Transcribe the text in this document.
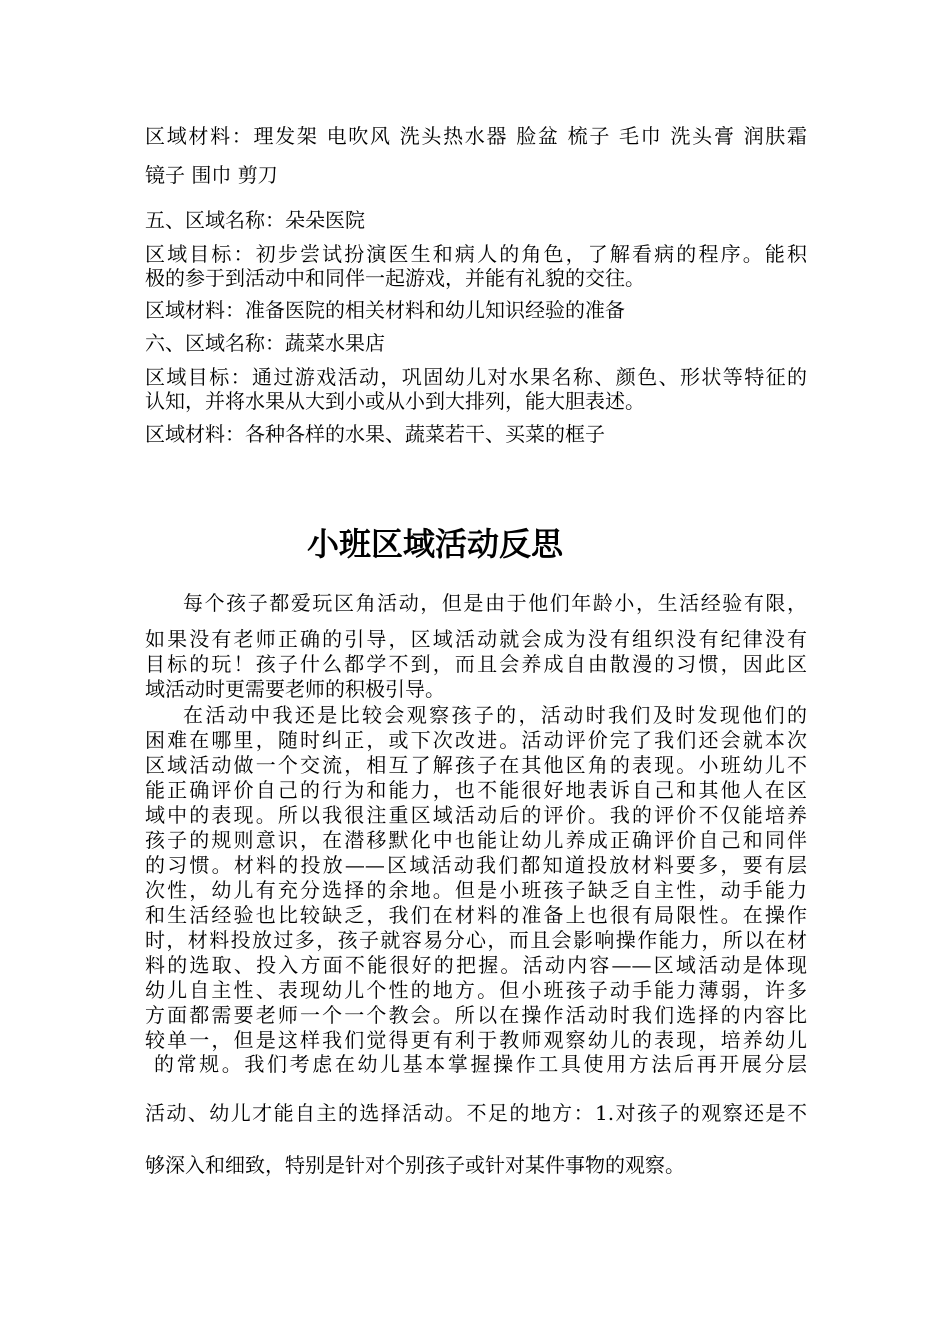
区域材料：理发架 电吹风 洗头热水器 脸盆 梳子 毛巾 洗头膏 润肤霜
镜子 围巾 剪刀
五、区域名称：朵朵医院
区域目标：初步尝试扮演医生和病人的角色，了解看病的程序。能积
极的参于到活动中和同伴一起游戏，并能有礼貌的交往。
区域材料：准备医院的相关材料和幼儿知识经验的准备
六、区域名称：蔬菜水果店
区域目标：通过游戏活动，巩固幼儿对水果名称、颜色、形状等特征的
认知，并将水果从大到小或从小到大排列，能大胆表述。
区域材料：各种各样的水果、蔬菜若干、买菜的框子
小班区域活动反思
每个孩子都爱玩区角活动，但是由于他们年龄小，生活经验有限，
如果没有老师正确的引导，区域活动就会成为没有组织没有纪律没有
目标的玩！孩子什么都学不到，而且会养成自由散漫的习惯，因此区
域活动时更需要老师的积极引导。
在活动中我还是比较会观察孩子的，活动时我们及时发现他们的
困难在哪里，随时纠正，或下次改进。活动评价完了我们还会就本次
区域活动做一个交流，相互了解孩子在其他区角的表现。小班幼儿不
能正确评价自己的行为和能力，也不能很好地表诉自己和其他人在区
域中的表现。所以我很注重区域活动后的评价。我的评价不仅能培养
孩子的规则意识，在潜移默化中也能让幼儿养成正确评价自己和同伴
的习惯。材料的投放——区域活动我们都知道投放材料要多，要有层
次性，幼儿有充分选择的余地。但是小班孩子缺乏自主性，动手能力
和生活经验也比较缺乏，我们在材料的准备上也很有局限性。在操作
时，材料投放过多，孩子就容易分心，而且会影响操作能力，所以在材
料的选取、投入方面不能很好的把握。活动内容——区域活动是体现
幼儿自主性、表现幼儿个性的地方。但小班孩子动手能力薄弱，许多
方面都需要老师一个一个教会。所以在操作活动时我们选择的内容比
较单一，但是这样我们觉得更有利于教师观察幼儿的表现，培养幼儿
的常规。我们考虑在幼儿基本掌握操作工具使用方法后再开展分层
活动、幼儿才能自主的选择活动。不足的地方：1.对孩子的观察还是不
够深入和细致，特别是针对个别孩子或针对某件事物的观察。
